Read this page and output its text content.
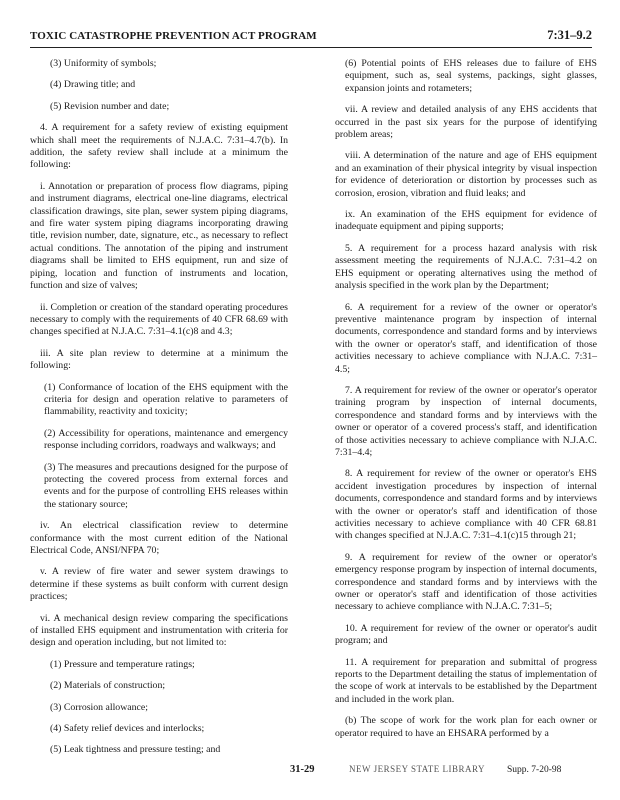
TOXIC CATASTROPHE PREVENTION ACT PROGRAM	7:31–9.2

(3) Uniformity of symbols;

(4) Drawing title; and

(5) Revision number and date;

4. A requirement for a safety review of existing equipment which shall meet the requirements of N.J.A.C. 7:31–4.7(b). In addition, the safety review shall include at a minimum the following:

i. Annotation or preparation of process flow diagrams, piping and instrument diagrams, electrical one-line diagrams, electrical classification drawings, site plan, sewer system piping diagrams, and fire water system piping diagrams incorporating drawing title, revision number, date, signature, etc., as necessary to reflect actual conditions. The annotation of the piping and instrument diagrams shall be limited to EHS equipment, run and size of piping, location and function of instruments and location, function and size of valves;

ii. Completion or creation of the standard operating procedures necessary to comply with the requirements of 40 CFR 68.69 with changes specified at N.J.A.C. 7:31–4.1(c)8 and 4.3;

iii. A site plan review to determine at a minimum the following:

(1) Conformance of location of the EHS equipment with the criteria for design and operation relative to parameters of flammability, reactivity and toxicity;

(2) Accessibility for operations, maintenance and emergency response including corridors, roadways and walkways; and

(3) The measures and precautions designed for the purpose of protecting the covered process from external forces and events and for the purpose of controlling EHS releases within the stationary source;

iv. An electrical classification review to determine conformance with the most current edition of the National Electrical Code, ANSI/NFPA 70;

v. A review of fire water and sewer system drawings to determine if these systems as built conform with current design practices;

vi. A mechanical design review comparing the specifications of installed EHS equipment and instrumentation with criteria for design and operation including, but not limited to:

(1) Pressure and temperature ratings;

(2) Materials of construction;

(3) Corrosion allowance;

(4) Safety relief devices and interlocks;

(5) Leak tightness and pressure testing; and

(6) Potential points of EHS releases due to failure of EHS equipment, such as, seal systems, packings, sight glasses, expansion joints and rotameters;

vii. A review and detailed analysis of any EHS accidents that occurred in the past six years for the purpose of identifying problem areas;

viii. A determination of the nature and age of EHS equipment and an examination of their physical integrity by visual inspection for evidence of deterioration or distortion by processes such as corrosion, erosion, vibration and fluid leaks; and

ix. An examination of the EHS equipment for evidence of inadequate equipment and piping supports;

5. A requirement for a process hazard analysis with risk assessment meeting the requirements of N.J.A.C. 7:31–4.2 on EHS equipment or operating alternatives using the method of analysis specified in the work plan by the Department;

6. A requirement for a review of the owner or operator's preventive maintenance program by inspection of internal documents, correspondence and standard forms and by interviews with the owner or operator's staff, and identification of those activities necessary to achieve compliance with N.J.A.C. 7:31–4.5;

7. A requirement for review of the owner or operator's operator training program by inspection of internal documents, correspondence and standard forms and by interviews with the owner or operator of a covered process's staff, and identification of those activities necessary to achieve compliance with N.J.A.C. 7:31–4.4;

8. A requirement for review of the owner or operator's EHS accident investigation procedures by inspection of internal documents, correspondence and standard forms and by interviews with the owner or operator's staff and identification of those activities necessary to achieve compliance with 40 CFR 68.81 with changes specified at N.J.A.C. 7:31–4.1(c)15 through 21;

9. A requirement for review of the owner or operator's emergency response program by inspection of internal documents, correspondence and standard forms and by interviews with the owner or operator's staff and identification of those activities necessary to achieve compliance with N.J.A.C. 7:31–5;

10. A requirement for review of the owner or operator's audit program; and

11. A requirement for preparation and submittal of progress reports to the Department detailing the status of implementation of the scope of work at intervals to be established by the Department and included in the work plan.

(b) The scope of work for the work plan for each owner or operator required to have an EHSARA performed by a

31-29	NEW JERSEY STATE LIBRARY Supp. 7-20-98
